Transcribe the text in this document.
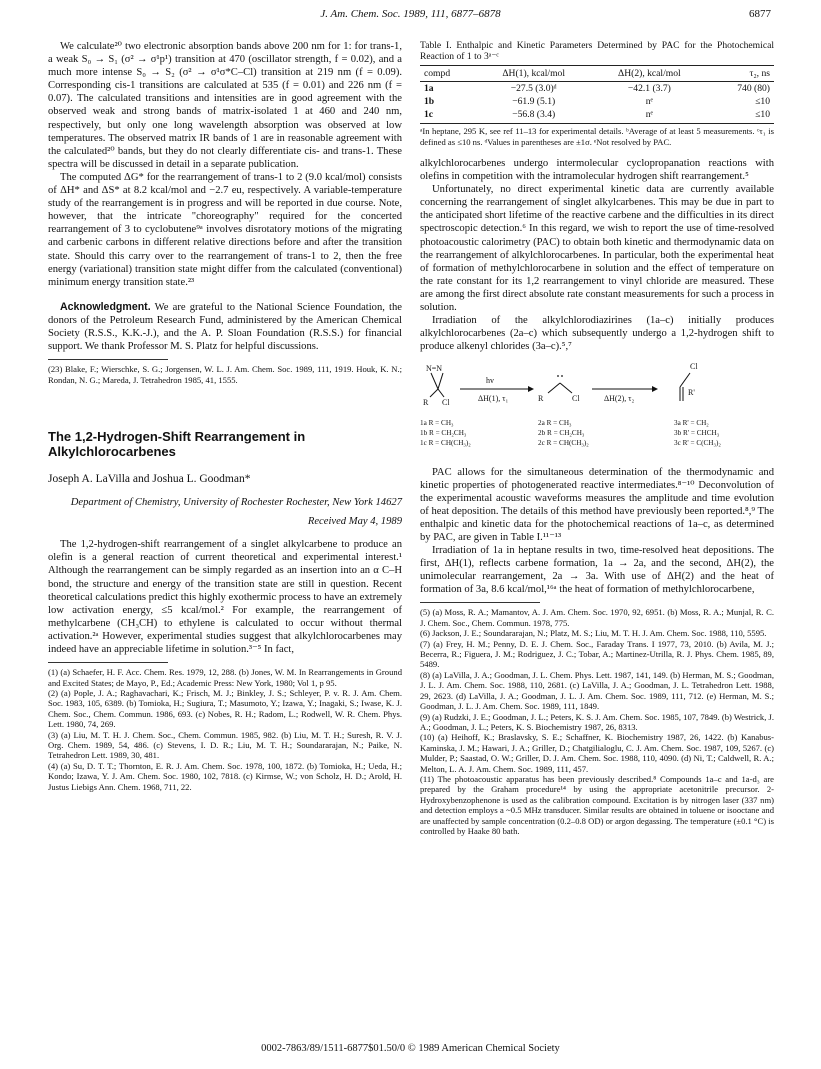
J. Am. Chem. Soc. 1989, 111, 6877–6878	6877

We calculate²⁰ two electronic absorption bands above 200 nm for 1: for trans-1, a weak S₀ → S₁ (σ² → σ¹p¹) transition at 470 (oscillator strength, f = 0.02), and a much more intense S₀ → S₂ (σ² → σ¹σ*C–Cl) transition at 219 nm (f = 0.09). Corresponding cis-1 transitions are calculated at 535 (f = 0.01) and 226 nm (f = 0.07). The calculated transitions and intensities are in good agreement with the observed weak and strong bands of matrix-isolated 1 at 460 and 240 nm, respectively, but only one long wavelength absorption was observed at low temperatures. The observed matrix IR bands of 1 are in reasonable agreement with the calculated²⁰ bands, but they do not clearly differentiate cis- and trans-1. These spectra will be discussed in detail in a separate publication.

The computed ΔG* for the rearrangement of trans-1 to 2 (9.0 kcal/mol) consists of ΔH* and ΔS* at 8.2 kcal/mol and −2.7 eu, respectively. A variable-temperature study of the rearrangement is in progress and will be reported in due course. Note, however, that the intricate "choreography" required for the concerted rearrangement of 3 to cyclobutene⁹ᵃ involves disrotatory motions of the migrating and carbenic carbons in different relative directions before and after the transition state. Should this carry over to the rearrangement of trans-1 to 2, then the free energy (variational) transition state might differ from the calculated (conventional) minimum energy transition state.²³

Acknowledgment. We are grateful to the National Science Foundation, the donors of the Petroleum Research Fund, administered by the American Chemical Society (R.S.S., K.K.-J.), and the A. P. Sloan Foundation (R.S.S.) for financial support. We thank Professor M. S. Platz for helpful discussions.

(23) Blake, F.; Wierschke, S. G.; Jorgensen, W. L. J. Am. Chem. Soc. 1989, 111, 1919. Houk, K. N.; Rondan, N. G.; Mareda, J. Tetrahedron 1985, 41, 1555.

The 1,2-Hydrogen-Shift Rearrangement in Alkylchlorocarbenes

Joseph A. LaVilla and Joshua L. Goodman*

Department of Chemistry, University of Rochester Rochester, New York 14627

Received May 4, 1989

The 1,2-hydrogen-shift rearrangement of a singlet alkylcarbene to produce an olefin is a general reaction of current theoretical and experimental interest.¹ Although the rearrangement can be simply regarded as an insertion into an α C–H bond, the structure and energy of the transition state are still in question. Recent theoretical calculations predict this highly exothermic process to have an extremely low activation energy, ≤5 kcal/mol.² For example, the rearrangement of methylcarbene (CH₃CH) to ethylene is calculated to occur without thermal activation.²ᵃ However, experimental studies suggest that alkylchlorocarbenes may indeed have an appreciable lifetime in solution.³⁻⁵ In fact,

(1) (a) Schaefer, H. F. Acc. Chem. Res. 1979, 12, 288. (b) Jones, W. M. In Rearrangements in Ground and Excited States; de Mayo, P., Ed.; Academic Press: New York, 1980; Vol 1, p 95.

(2) (a) Pople, J. A.; Raghavachari, K.; Frisch, M. J.; Binkley, J. S.; Schleyer, P. v. R. J. Am. Chem. Soc. 1983, 105, 6389. (b) Tomioka, H.; Sugiura, T.; Masumoto, Y.; Izawa, Y.; Inagaki, S.; Iwase, K. J. Chem. Soc., Chem. Commun. 1986, 693. (c) Nobes, R. H.; Radom, L.; Rodwell, W. R. Chem. Phys. Lett. 1980, 74, 269.

(3) (a) Liu, M. T. H. J. Chem. Soc., Chem. Commun. 1985, 982. (b) Liu, M. T. H.; Suresh, R. V. J. Org. Chem. 1989, 54, 486. (c) Stevens, I. D. R.; Liu, M. T. H.; Soundararajan, N.; Paike, N. Tetrahedron Lett. 1989, 30, 481.

(4) (a) Su, D. T. T.; Thornton, E. R. J. Am. Chem. Soc. 1978, 100, 1872. (b) Tomioka, H.; Ueda, H.; Kondo; Izawa, Y. J. Am. Chem. Soc. 1980, 102, 7818. (c) Kirmse, W.; von Scholz, H. D.; Arold, H. Justus Liebigs Ann. Chem. 1968, 711, 22.

Table I. Enthalpic and Kinetic Parameters Determined by PAC for the Photochemical Reaction of 1 to 3ᵃ⁻ᶜ

compd	ΔH(1), kcal/mol	ΔH(2), kcal/mol	τ₂, ns
1a	−27.5 (3.0)ᵈ	−42.1 (3.7)	740 (80)
1b	−61.9 (5.1)	nᵉ	≤10
1c	−56.8 (3.4)	nᵉ	≤10

ᵃIn heptane, 295 K, see ref 11–13 for experimental details. ᵇAverage of at least 5 measurements. ᶜτ₁ is defined as ≤10 ns. ᵈValues in parentheses are ±1σ. ᵉNot resolved by PAC.

alkylchlorocarbenes undergo intermolecular cyclopropanation reactions with olefins in competition with the intramolecular hydrogen shift rearrangement.⁵

Unfortunately, no direct experimental kinetic data are currently available concerning the rearrangement of singlet alkylcarbenes. This may be due in part to the anticipated short lifetime of the reactive carbene and the difficulties in its direct spectroscopic detection.⁶ In this regard, we wish to report the use of time-resolved photoacoustic calorimetry (PAC) to obtain both kinetic and thermodynamic data on the rearrangement of alkylchlorocarbenes. In particular, both the experimental heat of formation of methylchlorocarbene in solution and the effect of temperature on the rate constant for its 1,2 rearrangement to vinyl chloride are measured. These are among the first direct absolute rate constant measurements for such a process in solution.

Irradiation of the alkylchlorodiazirines (1a–c) initially produces alkylchlorocarbenes (2a–c) which subsequently undergo a 1,2-hydrogen shift to produce alkenyl chlorides (3a–c).⁵,⁷

N=N
R Cl
hv
ΔH(1), τ₁	R	Cl	ΔH(2), τ₂
Cl
R'
1a R = CH₃
1b R = CH₂CH₃
1c R = CH(CH₃)₂
2a R = CH₃
2b R = CH₂CH₃
2c R = CH(CH₃)₂
3a R' = CH₂
3b R' = CHCH₃
3c R' = C(CH₃)₂

PAC allows for the simultaneous determination of the thermodynamic and kinetic properties of photogenerated reactive intermediates.⁸⁻¹⁰ Deconvolution of the experimental acoustic waveforms measures the amplitude and time evolution of heat deposition. The details of this method have previously been reported.⁸,⁹ The enthalpic and kinetic data for the photochemical reactions of 1a–c, as determined by PAC, are given in Table I.¹¹⁻¹³

Irradiation of 1a in heptane results in two, time-resolved heat depositions. The first, ΔH(1), reflects carbene formation, 1a → 2a, and the second, ΔH(2), the unimolecular rearrangement, 2a → 3a. With use of ΔH(2) and the heat of formation of 3a, 8.6 kcal/mol,¹⁶ᵃ the heat of formation of methylchlorocarbene,

(5) (a) Moss, R. A.; Mamantov, A. J. Am. Chem. Soc. 1970, 92, 6951. (b) Moss, R. A.; Munjal, R. C. J. Chem. Soc., Chem. Commun. 1978, 775.

(6) Jackson, J. E.; Soundararajan, N.; Platz, M. S.; Liu, M. T. H. J. Am. Chem. Soc. 1988, 110, 5595.

(7) (a) Frey, H. M.; Penny, D. E. J. Chem. Soc., Faraday Trans. I 1977, 73, 2010. (b) Avila, M. J.; Becerra, R.; Figuera, J. M.; Rodriguez, J. C.; Tobar, A.; Martinez-Utrilla, R. J. Phys. Chem. 1985, 89, 5489.

(8) (a) LaVilla, J. A.; Goodman, J. L. Chem. Phys. Lett. 1987, 141, 149. (b) Herman, M. S.; Goodman, J. L. J. Am. Chem. Soc. 1988, 110, 2681. (c) LaVilla, J. A.; Goodman, J. L. Tetrahedron Lett. 1988, 29, 2623. (d) LaVilla, J. A.; Goodman, J. L. J. Am. Chem. Soc. 1989, 111, 712. (e) Herman, M. S.; Goodman, J. L. J. Am. Chem. Soc. 1989, 111, 1849.

(9) (a) Rudzki, J. E.; Goodman, J. L.; Peters, K. S. J. Am. Chem. Soc. 1985, 107, 7849. (b) Westrick, J. A.; Goodman, J. L.; Peters, K. S. Biochemistry 1987, 26, 8313.

(10) (a) Heihoff, K.; Braslavsky, S. E.; Schaffner, K. Biochemistry 1987, 26, 1422. (b) Kanabus-Kaminska, J. M.; Hawari, J. A.; Griller, D.; Chatgilialoglu, C. J. Am. Chem. Soc. 1987, 109, 5267. (c) Mulder, P.; Saastad, O. W.; Griller, D. J. Am. Chem. Soc. 1988, 110, 4090. (d) Ni, T.; Caldwell, R. A.; Melton, L. A. J. Am. Chem. Soc. 1989, 111, 457.

(11) The photoacoustic apparatus has been previously described.⁸ Compounds 1a–c and 1a-d₃ are prepared by the Graham procedure¹⁴ by using the appropriate acetonitrile precursor. 2-Hydroxybenzophenone is used as the calibration compound. Excitation is by nitrogen laser (337 nm) and detection employs a ~0.5 MHz transducer. Similar results are obtained in toluene or isooctane and are unaffected by sample concentration (0.2–0.8 OD) or argon degassing. The temperature (±0.1 °C) is controlled by Haake 80 bath.

0002-7863/89/1511-6877$01.50/0 © 1989 American Chemical Society
